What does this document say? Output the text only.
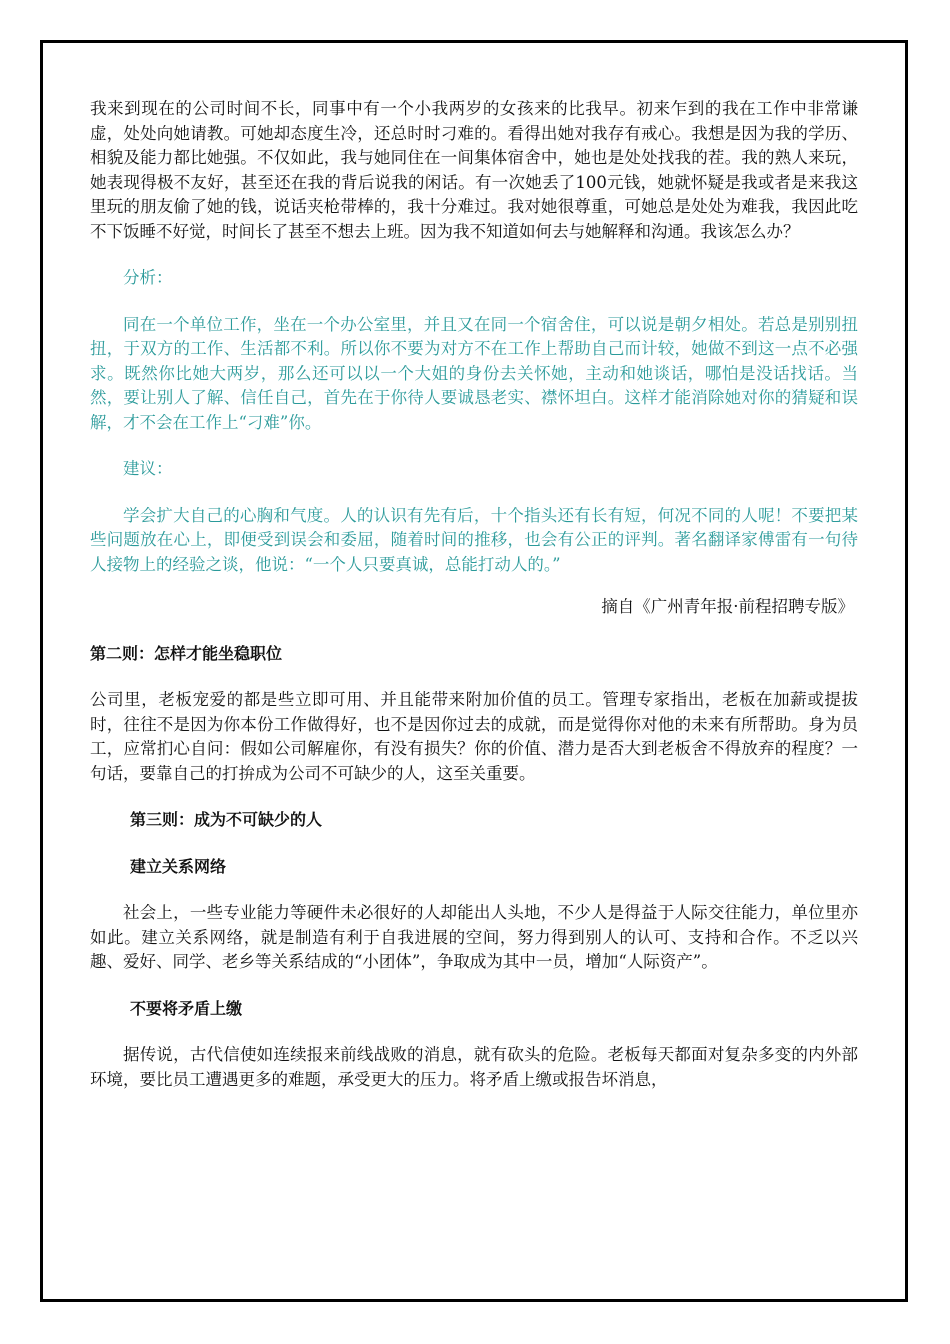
我来到现在的公司时间不长，同事中有一个小我两岁的女孩来的比我早。初来乍到的我在工作中非常谦虚，处处向她请教。可她却态度生冷，还总时时刁难的。看得出她对我存有戒心。我想是因为我的学历、相貌及能力都比她强。不仅如此，我与她同住在一间集体宿舍中，她也是处处找我的茬。我的熟人来玩，她表现得极不友好，甚至还在我的背后说我的闲话。有一次她丢了100元钱，她就怀疑是我或者是来我这里玩的朋友偷了她的钱，说话夹枪带棒的，我十分难过。我对她很尊重，可她总是处处为难我，我因此吃不下饭睡不好觉，时间长了甚至不想去上班。因为我不知道如何去与她解释和沟通。我该怎么办？

分析：

同在一个单位工作，坐在一个办公室里，并且又在同一个宿舍住，可以说是朝夕相处。若总是别别扭扭，于双方的工作、生活都不利。所以你不要为对方不在工作上帮助自己而计较，她做不到这一点不必强求。既然你比她大两岁，那么还可以以一个大姐的身份去关怀她，主动和她谈话，哪怕是没话找话。当然，要让别人了解、信任自己，首先在于你待人要诚恳老实、襟怀坦白。这样才能消除她对你的猜疑和误解，才不会在工作上“刁难”你。

建议：

学会扩大自己的心胸和气度。人的认识有先有后，十个指头还有长有短，何况不同的人呢！不要把某些问题放在心上，即便受到误会和委屈，随着时间的推移，也会有公正的评判。著名翻译家傅雷有一句待人接物上的经验之谈，他说：“一个人只要真诚，总能打动人的。”

摘自《广州青年报·前程招聘专版》

第二则：怎样才能坐稳职位

公司里，老板宠爱的都是些立即可用、并且能带来附加价值的员工。管理专家指出，老板在加薪或提拔时，往往不是因为你本份工作做得好，也不是因你过去的成就，而是觉得你对他的未来有所帮助。身为员工，应常扪心自问：假如公司解雇你，有没有损失？你的价值、潜力是否大到老板舍不得放弃的程度？一句话，要靠自己的打拚成为公司不可缺少的人，这至关重要。

第三则：成为不可缺少的人

建立关系网络

社会上，一些专业能力等硬件未必很好的人却能出人头地，不少人是得益于人际交往能力，单位里亦如此。建立关系网络，就是制造有利于自我进展的空间，努力得到别人的认可、支持和合作。不乏以兴趣、爱好、同学、老乡等关系结成的“小团体”，争取成为其中一员，增加“人际资产”。

不要将矛盾上缴

据传说，古代信使如连续报来前线战败的消息，就有砍头的危险。老板每天都面对复杂多变的内外部环境，要比员工遭遇更多的难题，承受更大的压力。将矛盾上缴或报告坏消息，
